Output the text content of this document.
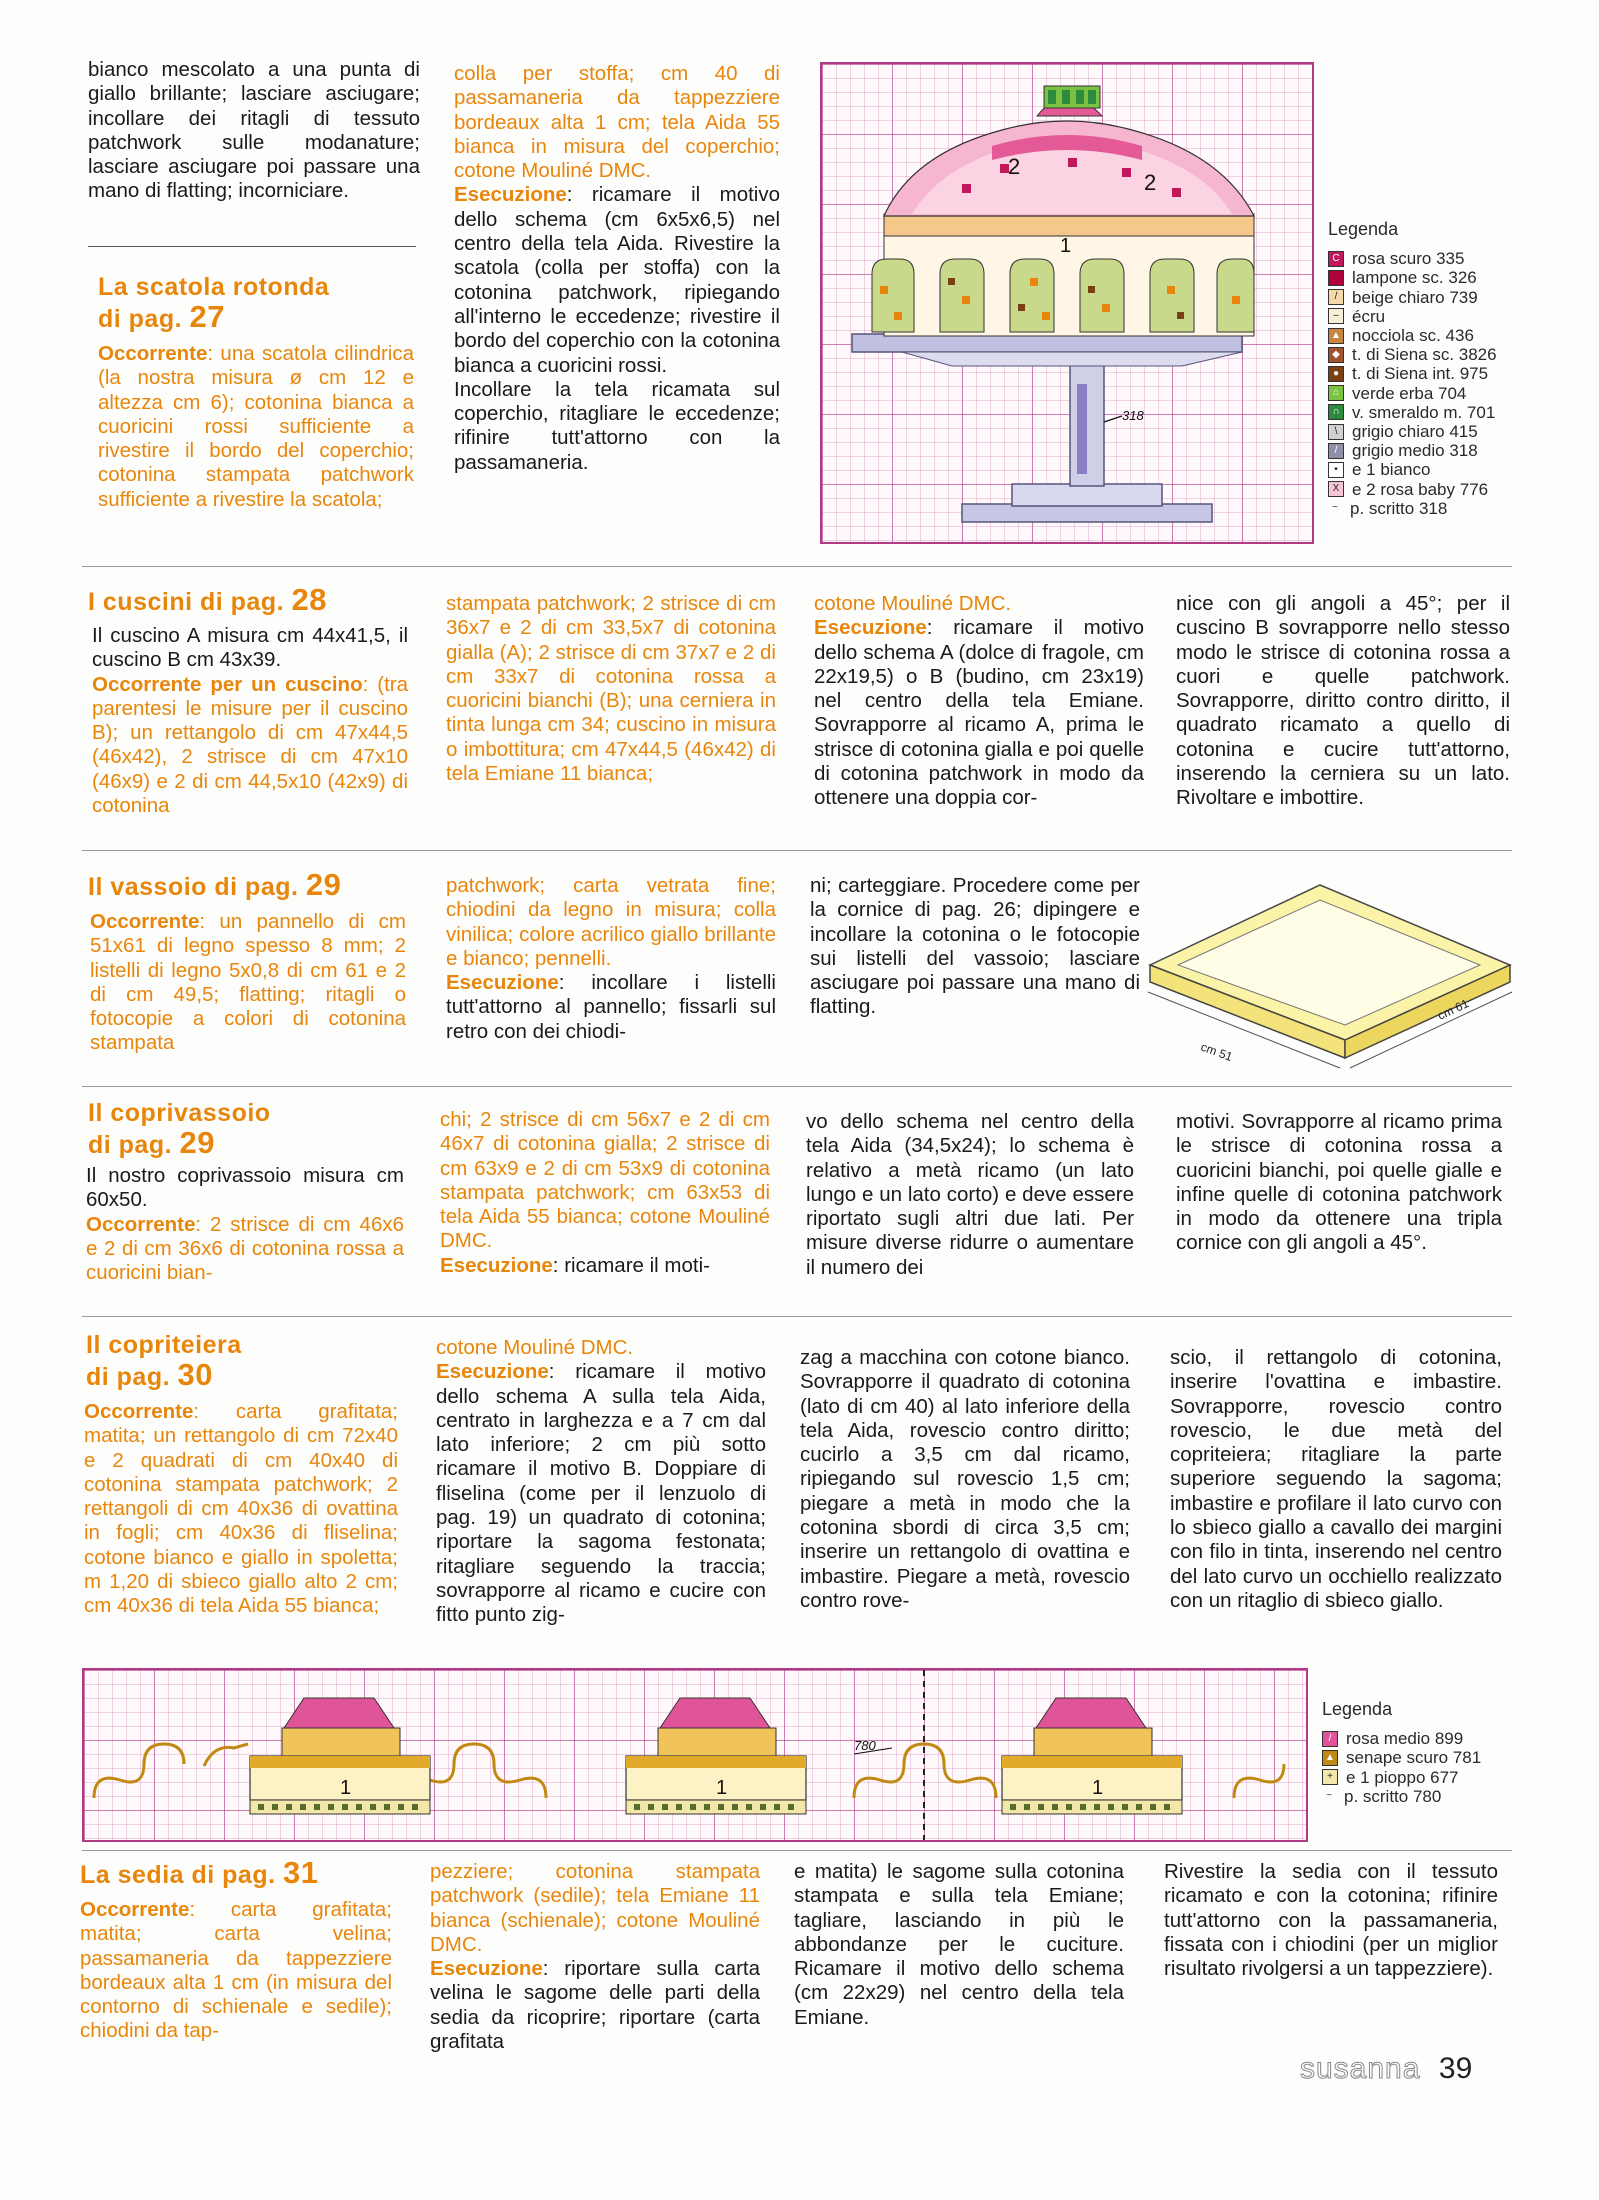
bianco mescolato a una punta di giallo brillante; lasciare asciugare; incollare dei ritagli di tessuto patchwork sulle modanature; lasciare asciugare poi passare una mano di flatting; incorniciare.

La scatola rotonda
di pag. 27

Occorrente: una scatola cilindrica (la nostra misura ø cm 12 e altezza cm 6); cotonina bianca a cuoricini rossi sufficiente a rivestire il bordo del coperchio; cotonina stampata patchwork sufficiente a rivestire la scatola;

colla per stoffa; cm 40 di passamaneria da tappezziere bordeaux alta 1 cm; tela Aida 55 bianca in misura del coperchio; cotone Mouliné DMC.

Esecuzione: ricamare il motivo dello schema (cm 6x5x6,5) nel centro della tela Aida. Rivestire la scatola (colla per stoffa) con la cotonina patchwork, ripiegando all'interno le eccedenze; rivestire il bordo del coperchio con la cotonina bianca a cuoricini rossi.

Incollare la tela ricamata sul coperchio, ritagliare le eccedenze; rifinire tutt'attorno con la passamaneria.

2
2
1
318
Legenda
C rosa scuro 335
lampone sc. 326
/ beige chiaro 739
– écru
▲ nocciola sc. 436
◆ t. di Siena sc. 3826
● t. di Siena int. 975
⌂ verde erba 704
∩ v. smeraldo m. 701
\ grigio chiaro 415
/ grigio medio 318
• e 1 bianco
X e 2 rosa baby 776
~ p. scritto 318
I cuscini di pag. 28

Il cuscino A misura cm 44x41,5, il cuscino B cm 43x39.

Occorrente per un cuscino: (tra parentesi le misure per il cuscino B); un rettangolo di cm 47x44,5 (46x42), 2 strisce di cm 47x10 (46x9) e 2 di cm 44,5x10 (42x9) di cotonina

stampata patchwork; 2 strisce di cm 36x7 e 2 di cm 33,5x7 di cotonina gialla (A); 2 strisce di cm 37x7 e 2 di cm 33x7 di cotonina rossa a cuoricini bianchi (B); una cerniera in tinta lunga cm 34; cuscino in misura o imbottitura; cm 47x44,5 (46x42) di tela Emiane 11 bianca;

cotone Mouliné DMC.

Esecuzione: ricamare il motivo dello schema A (dolce di fragole, cm 22x19,5) o B (budino, cm 23x19) nel centro della tela Emiane. Sovrapporre al ricamo A, prima le strisce di cotonina gialla e poi quelle di cotonina patchwork in modo da ottenere una doppia cor-

nice con gli angoli a 45°; per il cuscino B sovrapporre nello stesso modo le strisce di cotonina rossa a cuori e quelle patchwork. Sovrapporre, diritto contro diritto, il quadrato ricamato a quello di cotonina e cucire tutt'attorno, inserendo la cerniera su un lato. Rivoltare e imbottire.

Il vassoio di pag. 29

Occorrente: un pannello di cm 51x61 di legno spesso 8 mm; 2 listelli di legno 5x0,8 di cm 61 e 2 di cm 49,5; flatting; ritagli o fotocopie a colori di cotonina stampata

patchwork; carta vetrata fine; chiodini da legno in misura; colla vinilica; colore acrilico giallo brillante e bianco; pennelli.

Esecuzione: incollare i listelli tutt'attorno al pannello; fissarli sul retro con dei chiodi-

ni; carteggiare. Procedere come per la cornice di pag. 26; dipingere e incollare la cotonina o le fotocopie sui listelli del vassoio; lasciare asciugare poi passare una mano di flatting.

cm 51
cm 61
Il coprivassoio
di pag. 29

Il nostro coprivassoio misura cm 60x50.

Occorrente: 2 strisce di cm 46x6 e 2 di cm 36x6 di cotonina rossa a cuoricini bian-

chi; 2 strisce di cm 56x7 e 2 di cm 46x7 di cotonina gialla; 2 strisce di cm 63x9 e 2 di cm 53x9 di cotonina stampata patchwork; cm 63x53 di tela Aida 55 bianca; cotone Mouliné DMC.

Esecuzione: ricamare il moti-

vo dello schema nel centro della tela Aida (34,5x24); lo schema è relativo a metà ricamo (un lato lungo e un lato corto) e deve essere riportato sugli altri due lati. Per misure diverse ridurre o aumentare il numero dei

motivi. Sovrapporre al ricamo prima le strisce di cotonina rossa a cuoricini bianchi, poi quelle gialle e infine quelle di cotonina patchwork in modo da ottenere una tripla cornice con gli angoli a 45°.

Il copriteiera
di pag. 30

Occorrente: carta grafitata; matita; un rettangolo di cm 72x40 e 2 quadrati di cm 40x40 di cotonina stampata patchwork; 2 rettangoli di cm 40x36 di ovattina in fogli; cm 40x36 di fliselina; cotone bianco e giallo in spoletta; m 1,20 di sbieco giallo alto 2 cm; cm 40x36 di tela Aida 55 bianca;

cotone Mouliné DMC.

Esecuzione: ricamare il motivo dello schema A sulla tela Aida, centrato in larghezza e a 7 cm dal lato inferiore; 2 cm più sotto ricamare il motivo B. Doppiare di fliselina (come per il lenzuolo di pag. 19) un quadrato di cotonina; riportare la sagoma festonata; ritagliare seguendo la traccia; sovrapporre al ricamo e cucire con fitto punto zig-

zag a macchina con cotone bianco. Sovrapporre il quadrato di cotonina (lato di cm 40) al lato inferiore della tela Aida, rovescio contro diritto; cucirlo a 3,5 cm dal ricamo, ripiegando sul rovescio 1,5 cm; piegare a metà in modo che la cotonina sbordi di circa 3,5 cm; inserire un rettangolo di ovattina e imbastire. Piegare a metà, rovescio contro rove-

scio, il rettangolo di cotonina, inserire l'ovattina e imbastire. Sovrapporre, rovescio contro rovescio, le due metà del copriteiera; ritagliare la parte superiore seguendo la sagoma; imbastire e profilare il lato curvo con lo sbieco giallo a cavallo dei margini con filo in tinta, inserendo nel centro del lato curvo un occhiello realizzato con un ritaglio di sbieco giallo.

1	1	1
780
Legenda
/ rosa medio 899
▲ senape scuro 781
+ e 1 pioppo 677
~ p. scritto 780
La sedia di pag. 31

Occorrente: carta grafitata; matita; carta velina; passamaneria da tappezziere bordeaux alta 1 cm (in misura del contorno di schienale e sedile); chiodini da tap-

pezziere; cotonina stampata patchwork (sedile); tela Emiane 11 bianca (schienale); cotone Mouliné DMC.

Esecuzione: riportare sulla carta velina le sagome delle parti della sedia da ricoprire; riportare (carta grafitata

e matita) le sagome sulla cotonina stampata e sulla tela Emiane; tagliare, lasciando in più le abbondanze per le cuciture. Ricamare il motivo dello schema (cm 22x29) nel centro della tela Emiane.

Rivestire la sedia con il tessuto ricamato e con la cotonina; rifinire tutt'attorno con la passamaneria, fissata con i chiodini (per un miglior risultato rivolgersi a un tappezziere).

susanna 39
